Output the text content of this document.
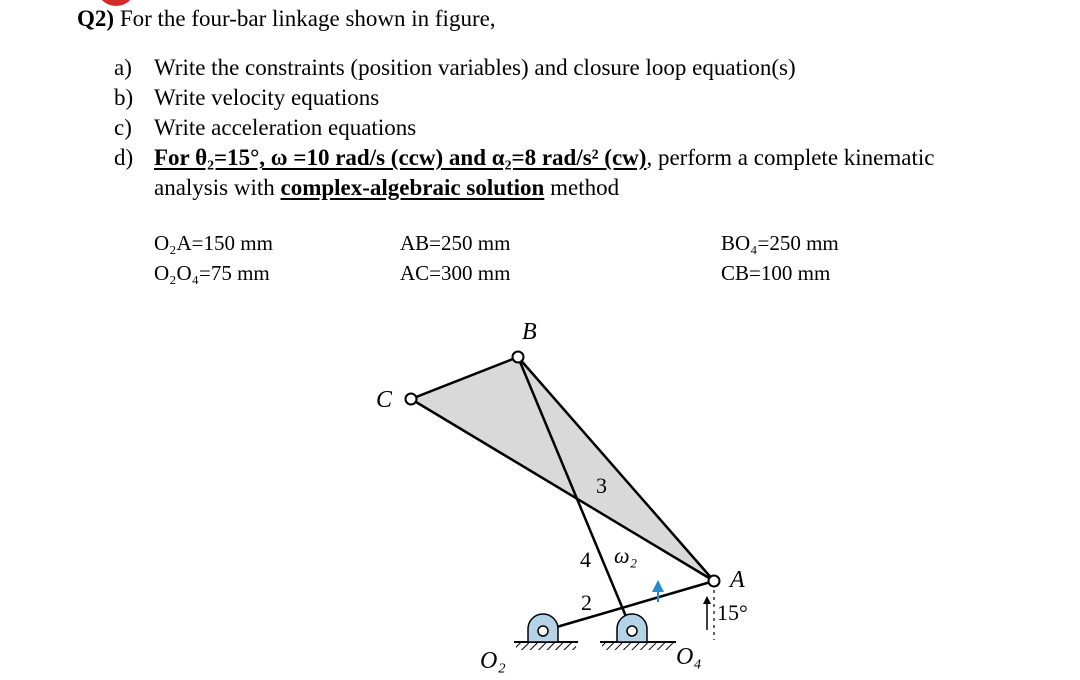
Q2) For the four-bar linkage shown in figure,
a) Write the constraints (position variables) and closure loop equation(s)
b) Write velocity equations
c) Write acceleration equations
d) For θ₂=15°, ω =10 rad/s (ccw) and α₂=8 rad/s² (cw), perform a complete kinematic
analysis with complex-algebraic solution method
O₂A=150 mm
O₂O₄=75 mm
AB=250 mm
AC=300 mm
BO₄=250 mm
CB=100 mm
B
C
A
3
4
2
ω₂
15°
O₂	O₄
